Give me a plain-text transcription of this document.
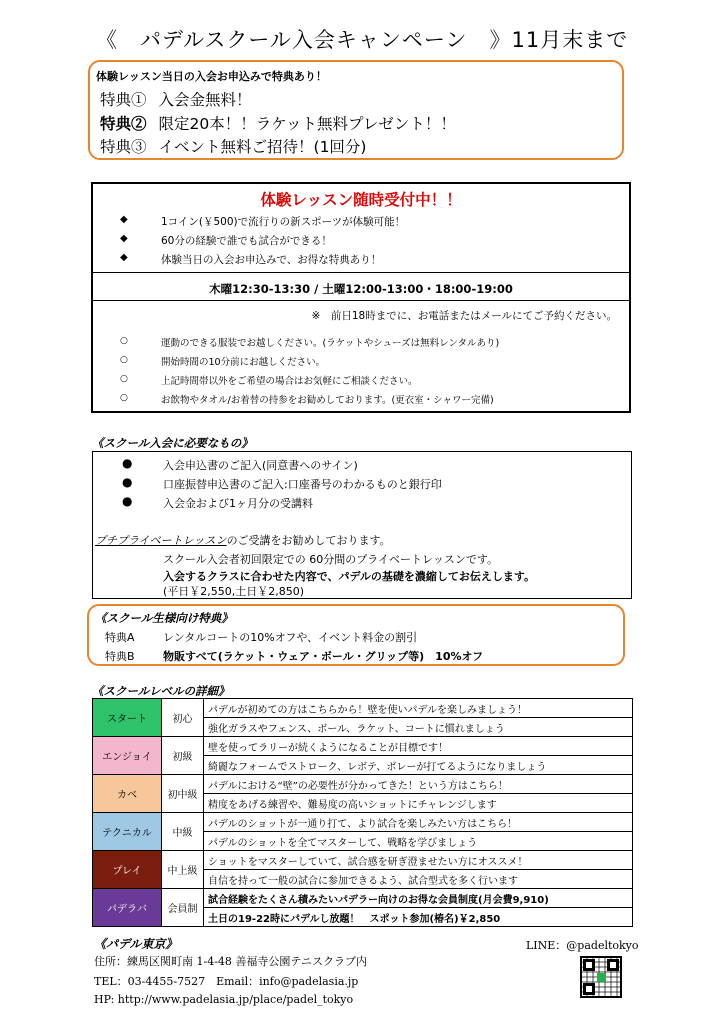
《　パデルスクール入会キャンペーン　》11月末まで
体験レッスン当日の入会お申込みで特典あり！
特典① 入会金無料！
特典② 限定20本！！ラケット無料プレゼント！！
特典③ イベント無料ご招待！(1回分)
体験レッスン随時受付中！！
◆	1コイン(￥500)で流行りの新スポーツが体験可能！
◆	60分の経験で誰でも試合ができる！
◆	体験当日の入会お申込みで、お得な特典あり！
木曜12:30-13:30 / 土曜12:00-13:00・18:00-19:00
※　前日18時までに、お電話またはメールにてご予約ください。
○	運動のできる服装でお越しください。(ラケットやシューズは無料レンタルあり)
○	開始時間の10分前にお越しください。
○	上記時間帯以外をご希望の場合はお気軽にご相談ください。
○	お飲物やタオル/お着替の持参をお勧めしております。(更衣室・シャワー完備)
《スクール入会に必要なもの》
●	入会申込書のご記入(同意書へのサイン)
●	口座振替申込書のご記入:口座番号のわかるものと銀行印
●	入会金および1ヶ月分の受講料
プチプライベートレッスンのご受講をお勧めしております。
スクール入会者初回限定での 60分間のプライベートレッスンです。
入会するクラスに合わせた内容で、パデルの基礎を濃縮してお伝えします。
(平日￥2,550,土日￥2,850)
《スクール生様向け特典》
特典A	レンタルコートの10%オフや、イベント料金の割引
特典B	物販すべて(ラケット・ウェア・ボール・グリップ等)　10%オフ
《スクールレベルの詳細》
スタート	初心	パデルが初めての方はこちらから！壁を使いパデルを楽しみましょう！
		強化ガラスやフェンス、ボール、ラケット、コートに慣れましょう
エンジョイ	初級	壁を使ってラリーが続くようになることが目標です！
		綺麗なフォームでストローク、レボテ、ボレーが打てるようになりましょう
カベ	初中級	パデルにおける“壁”の必要性が分かってきた！という方はこちら！
		精度をあげる練習や、難易度の高いショットにチャレンジします
テクニカル	中級	パデルのショットが一通り打て、より試合を楽しみたい方はこちら！
		パデルのショットを全てマスターして、戦略を学びましょう
プレイ	中上級	ショットをマスターしていて、試合感を研ぎ澄ませたい方にオススメ！
		自信を持って一般の試合に参加できるよう、試合型式を多く行います
パデラバ	会員制	試合経験をたくさん積みたいパデラー向けのお得な会員制度(月会費9,910)
		土日の19-22時にパデルし放題！　スポット参加(椿名)￥2,850
《パデル東京》	LINE：@padeltokyo
住所：練馬区関町南 1-4-48 善福寺公園テニスクラブ内
TEL：03-4455-7527　Email：info@padelasia.jp
HP: http://www.padelasia.jp/place/padel_tokyo
